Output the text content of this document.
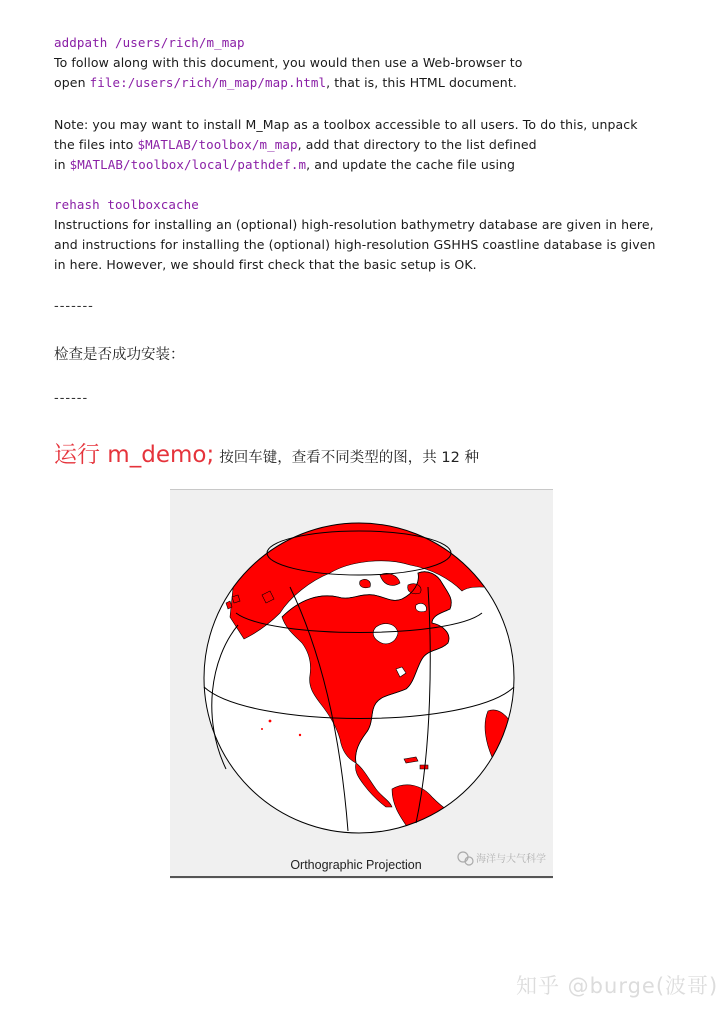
addpath /users/rich/m_map
To follow along with this document, you would then use a Web-browser to
open file:/users/rich/m_map/map.html, that is, this HTML document.
Note: you may want to install M_Map as a toolbox accessible to all users. To do this, unpack
the files into $MATLAB/toolbox/m_map, add that directory to the list defined
in $MATLAB/toolbox/local/pathdef.m, and update the cache file using
rehash toolboxcache
Instructions for installing an (optional) high-resolution bathymetry database are given in here,
and instructions for installing the (optional) high-resolution GSHHS coastline database is given
in here. However, we should first check that the basic setup is OK.
-------
检查是否成功安装：
------
运行 m_demo; 按回车键，查看不同类型的图，共 12 种
Orthographic Projection	海洋与大气科学
知乎 @burge(波哥)
